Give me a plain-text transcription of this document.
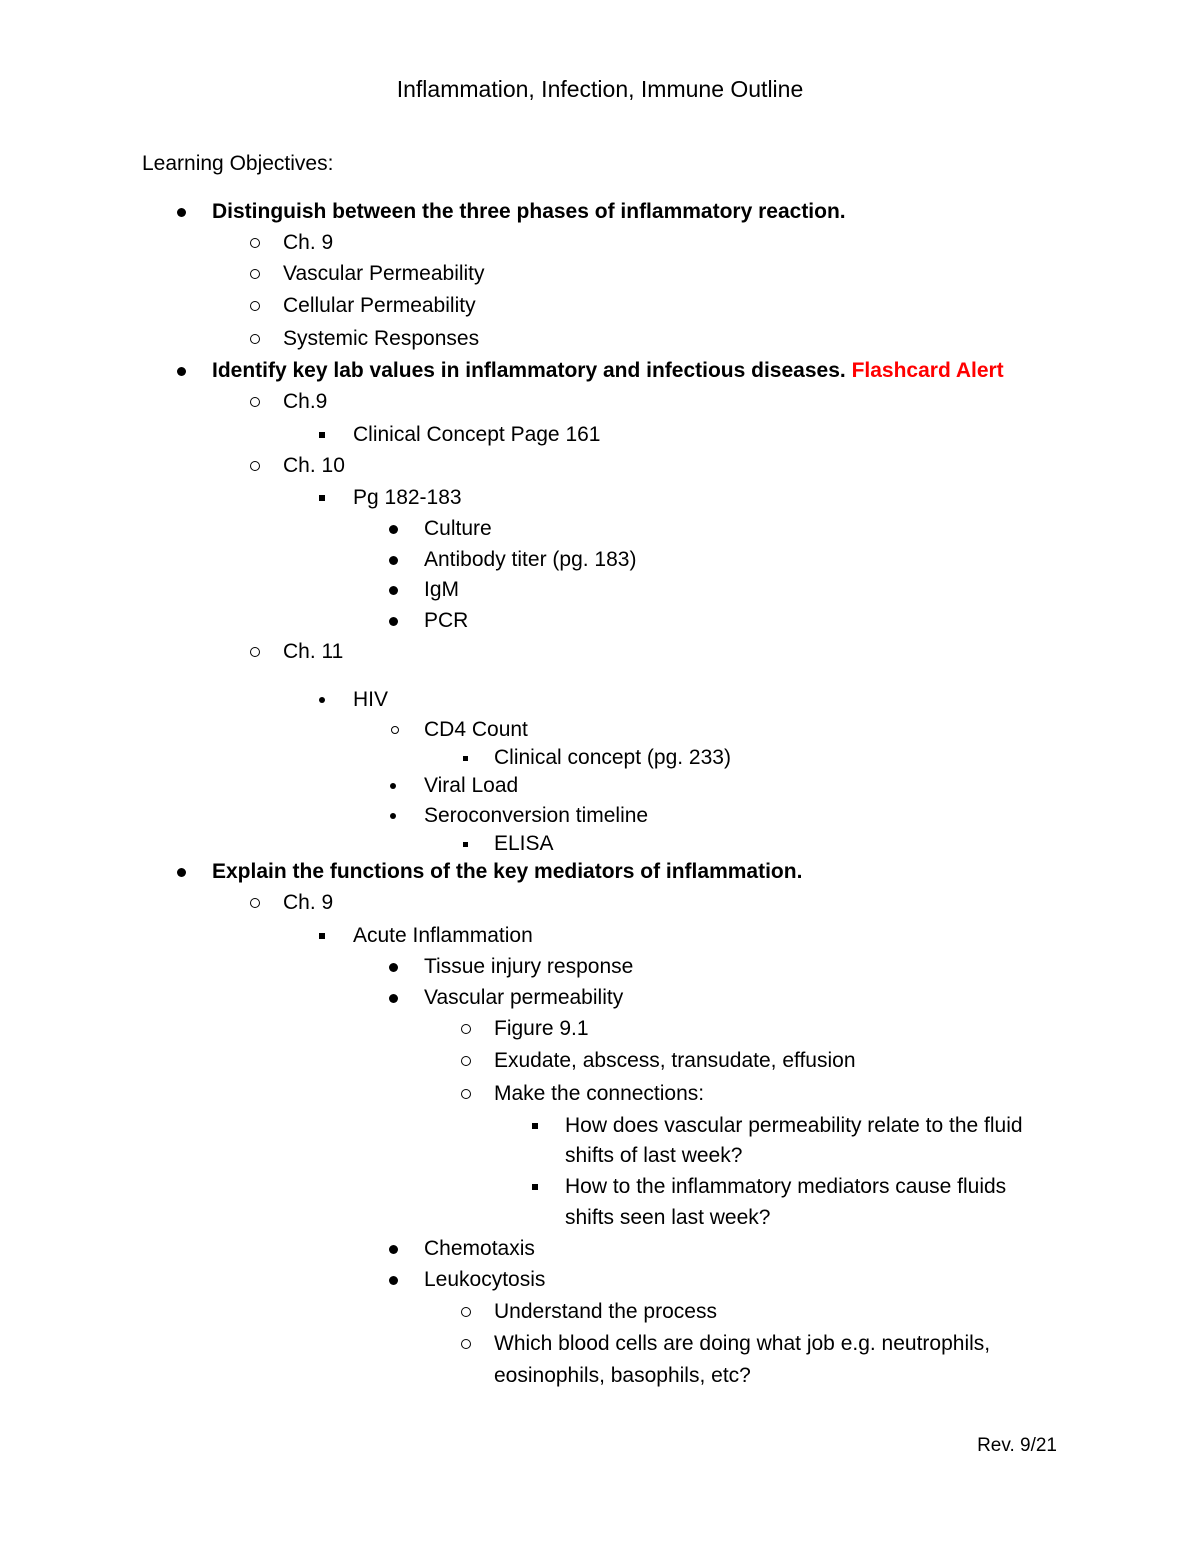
Inflammation, Infection, Immune Outline
Learning Objectives:
Distinguish between the three phases of inflammatory reaction.
Ch. 9
Vascular Permeability
Cellular Permeability
Systemic Responses
Identify key lab values in inflammatory and infectious diseases. Flashcard Alert
Ch.9
Clinical Concept Page 161
Ch. 10
Pg 182-183
Culture
Antibody titer (pg. 183)
IgM
PCR
Ch. 11
HIV
CD4 Count
Clinical concept (pg. 233)
Viral Load
Seroconversion timeline
ELISA
Explain the functions of the key mediators of inflammation.
Ch. 9
Acute Inflammation
Tissue injury response
Vascular permeability
Figure 9.1
Exudate, abscess, transudate, effusion
Make the connections:
How does vascular permeability relate to the fluid
shifts of last week?
How to the inflammatory mediators cause fluids
shifts seen last week?
Chemotaxis
Leukocytosis
Understand the process
Which blood cells are doing what job e.g. neutrophils,
eosinophils, basophils, etc?
Rev. 9/21
